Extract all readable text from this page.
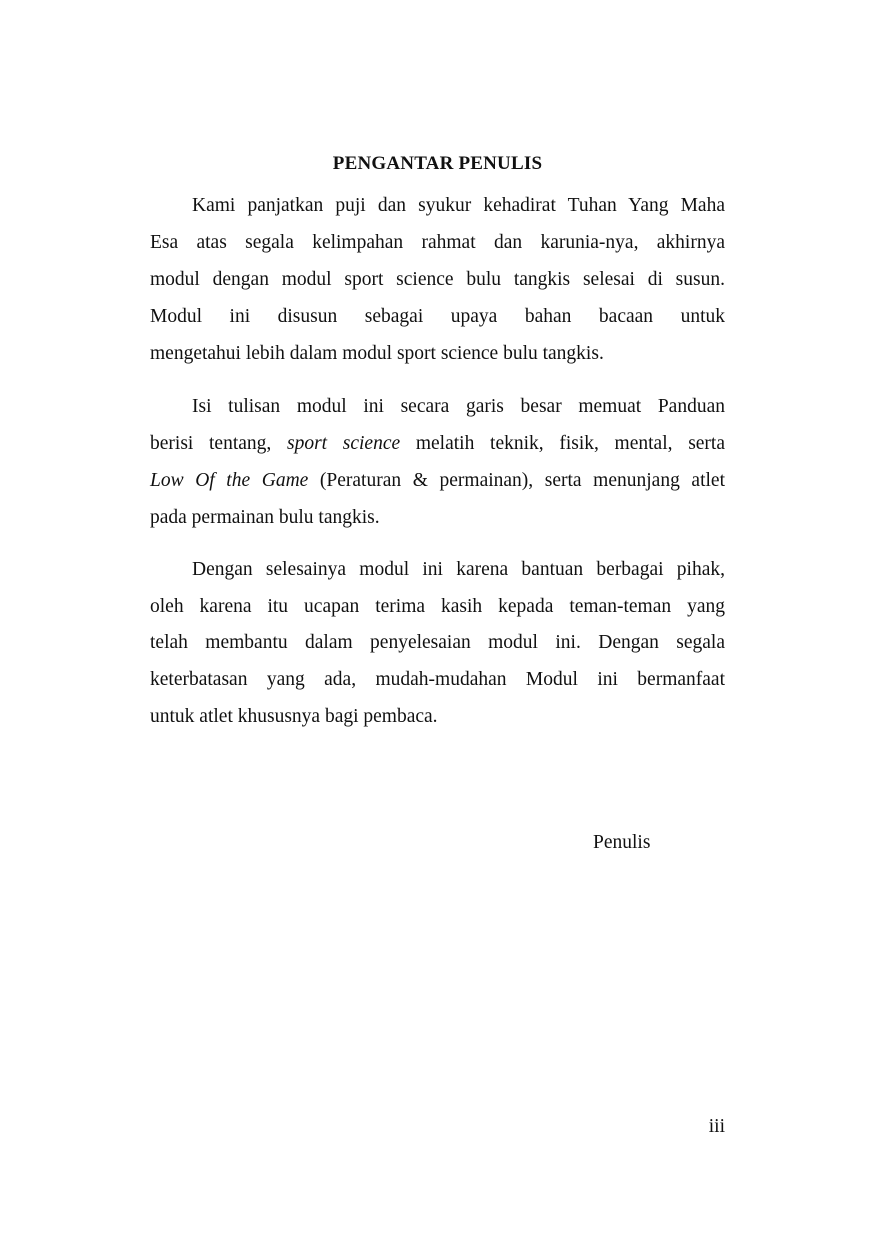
PENGANTAR PENULIS
Kami panjatkan puji dan syukur kehadirat Tuhan Yang Maha
Esa atas segala kelimpahan rahmat dan karunia-nya, akhirnya
modul dengan modul sport science bulu tangkis selesai di susun.
Modul ini disusun sebagai upaya bahan bacaan untuk
mengetahui lebih dalam modul sport science bulu tangkis.
Isi tulisan modul ini secara garis besar memuat Panduan
berisi tentang, sport science melatih teknik, fisik, mental, serta
Low Of the Game (Peraturan & permainan), serta menunjang atlet
pada permainan bulu tangkis.
Dengan selesainya modul ini karena bantuan berbagai pihak,
oleh karena itu ucapan terima kasih kepada teman-teman yang
telah membantu dalam penyelesaian modul ini. Dengan segala
keterbatasan yang ada, mudah-mudahan Modul ini bermanfaat
untuk atlet khususnya bagi pembaca.
Penulis
iii
